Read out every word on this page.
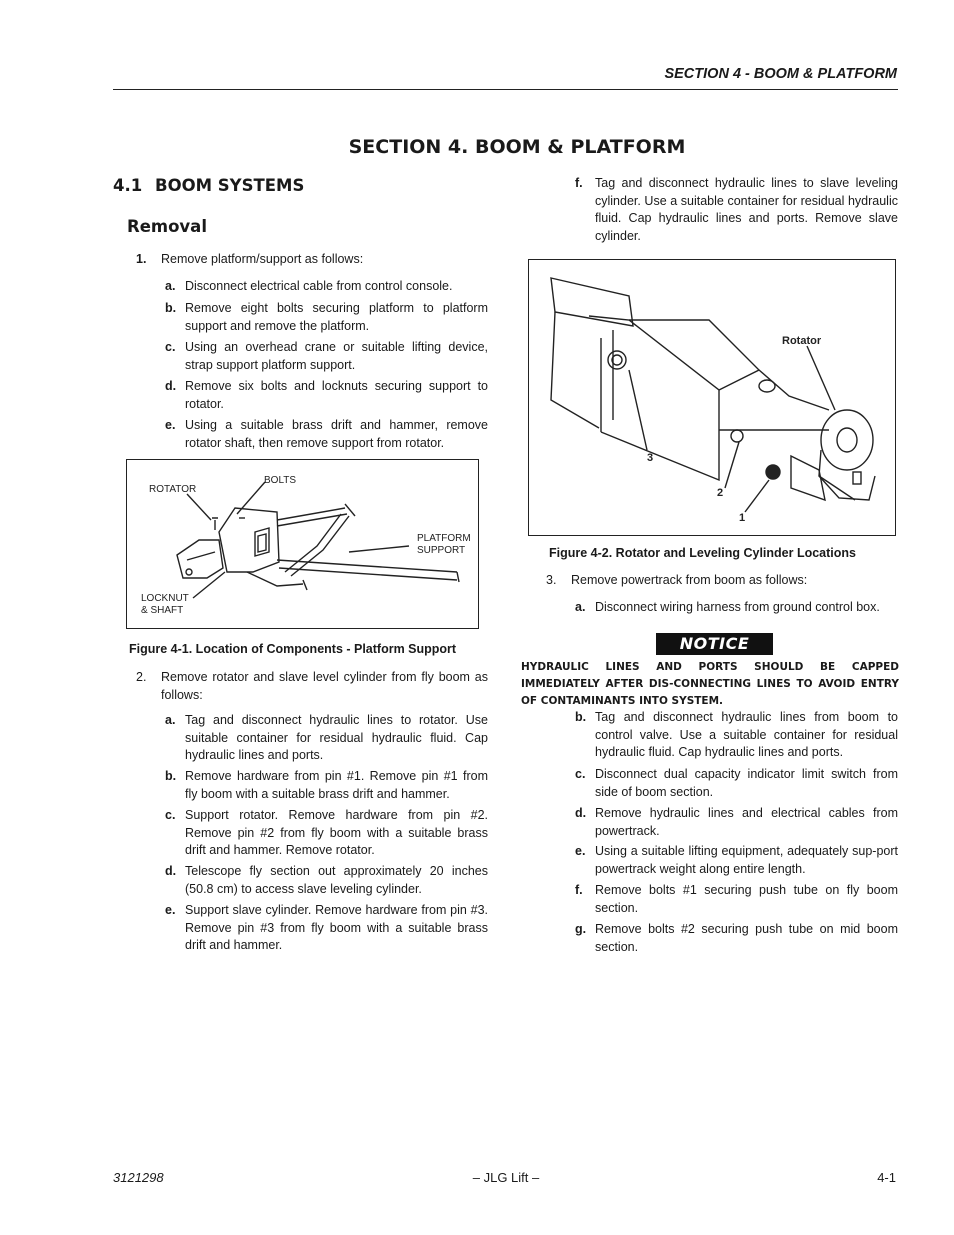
SECTION 4 - BOOM & PLATFORM
SECTION 4. BOOM & PLATFORM
4.1 BOOM SYSTEMS
Removal
1.	Remove platform/support as follows:
a. Disconnect electrical cable from control console.
b. Remove eight bolts securing platform to platform support and remove the platform.
c. Using an overhead crane or suitable lifting device, strap support platform support.
d. Remove six bolts and locknuts securing support to rotator.
e. Using a suitable brass drift and hammer, remove rotator shaft, then remove support from rotator.
ROTATOR
BOLTS
PLATFORM
SUPPORT
LOCKNUT
& SHAFT
Figure 4-1. Location of Components - Platform Support
2.	Remove rotator and slave level cylinder from fly boom as follows:
a. Tag and disconnect hydraulic lines to rotator. Use suitable container for residual hydraulic fluid. Cap hydraulic lines and ports.
b. Remove hardware from pin #1. Remove pin #1 from fly boom with a suitable brass drift and hammer.
c. Support rotator. Remove hardware from pin #2. Remove pin #2 from fly boom with a suitable brass drift and hammer. Remove rotator.
d. Telescope fly section out approximately 20 inches (50.8 cm) to access slave leveling cylinder.
e. Support slave cylinder. Remove hardware from pin #3. Remove pin #3 from fly boom with a suitable brass drift and hammer.
f. Tag and disconnect hydraulic lines to slave leveling cylinder. Use a suitable container for residual hydraulic fluid. Cap hydraulic lines and ports. Remove slave cylinder.
Rotator
3
2
1
Figure 4-2. Rotator and Leveling Cylinder Locations
3.	Remove powertrack from boom as follows:
a. Disconnect wiring harness from ground control box.
NOTICE
HYDRAULIC LINES AND PORTS SHOULD BE CAPPED IMMEDIATELY AFTER DIS-CONNECTING LINES TO AVOID ENTRY OF CONTAMINANTS INTO SYSTEM.
b. Tag and disconnect hydraulic lines from boom to control valve. Use a suitable container for residual hydraulic fluid. Cap hydraulic lines and ports.
c. Disconnect dual capacity indicator limit switch from side of boom section.
d. Remove hydraulic lines and electrical cables from powertrack.
e. Using a suitable lifting equipment, adequately sup-port powertrack weight along entire length.
f. Remove bolts #1 securing push tube on fly boom section.
g. Remove bolts #2 securing push tube on mid boom section.
3121298	– JLG Lift –	4-1
